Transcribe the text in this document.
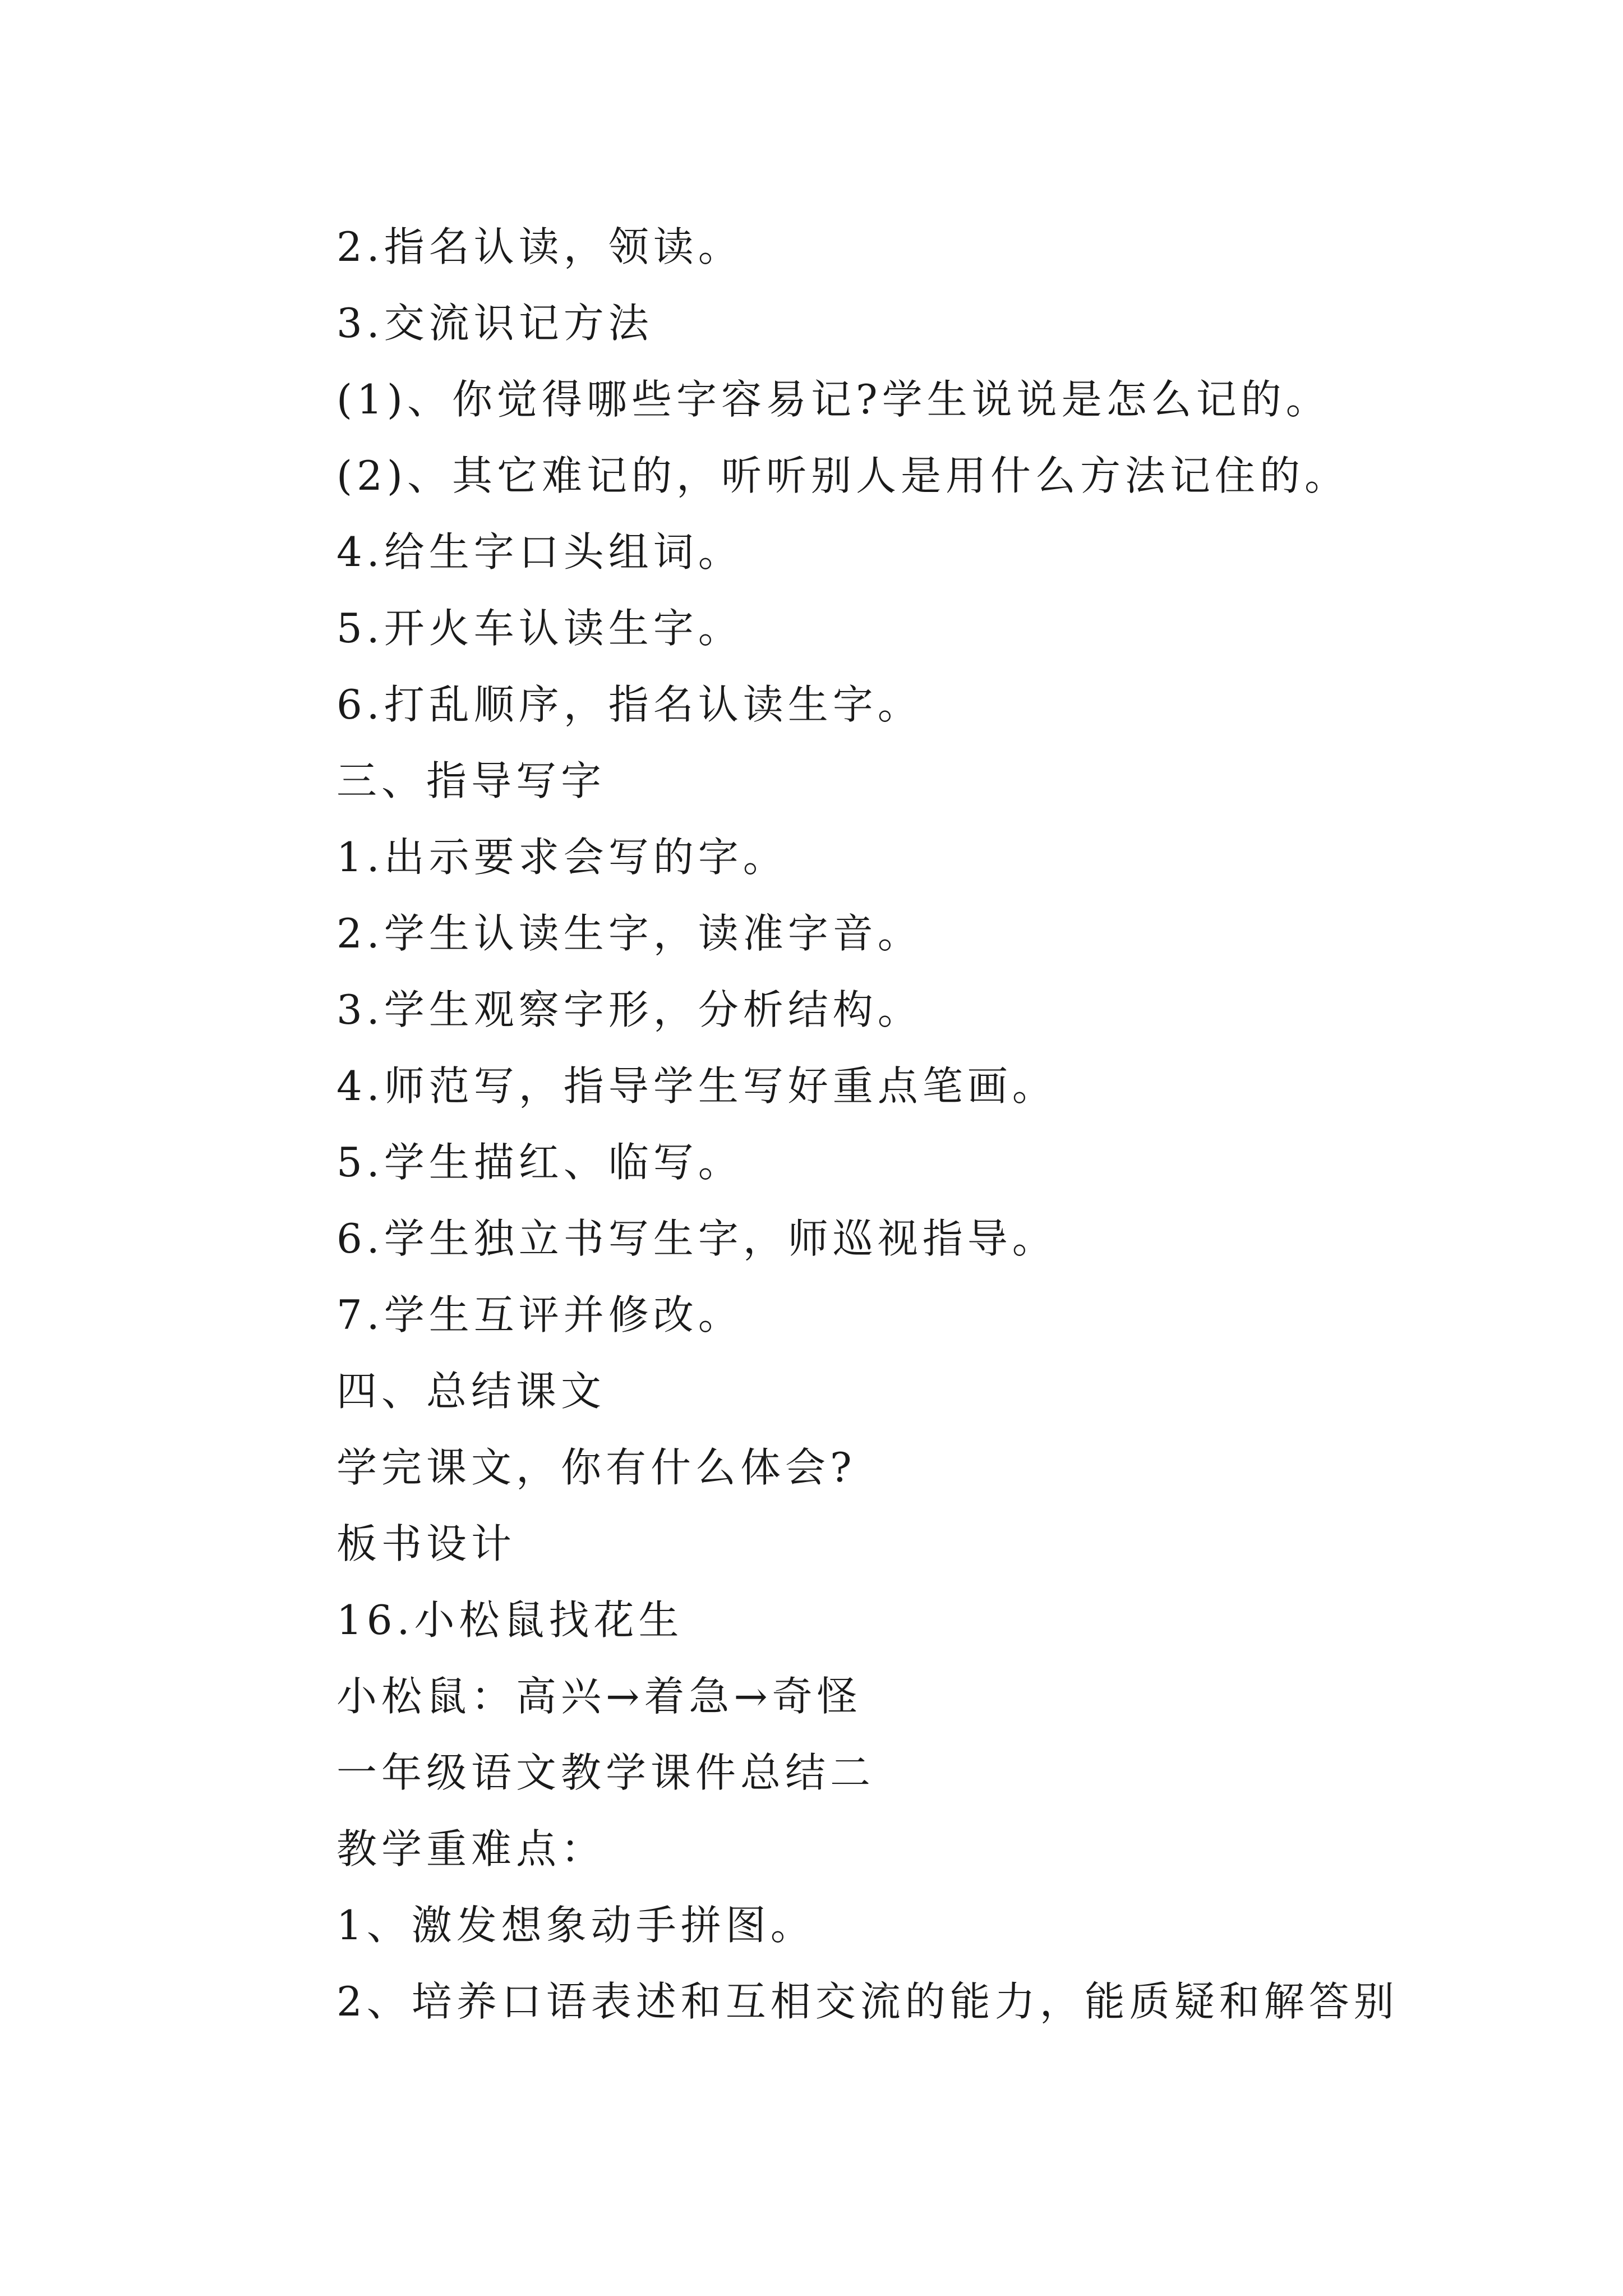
2.指名认读，领读。
3.交流识记方法
(1)、你觉得哪些字容易记?学生说说是怎么记的。
(2)、其它难记的，听听别人是用什么方法记住的。
4.给生字口头组词。
5.开火车认读生字。
6.打乱顺序，指名认读生字。
三、指导写字
1.出示要求会写的字。
2.学生认读生字，读准字音。
3.学生观察字形，分析结构。
4.师范写，指导学生写好重点笔画。
5.学生描红、临写。
6.学生独立书写生字，师巡视指导。
7.学生互评并修改。
四、总结课文
学完课文，你有什么体会?
板书设计
16.小松鼠找花生
小松鼠：高兴→着急→奇怪
一年级语文教学课件总结二
教学重难点：
1、激发想象动手拼图。
2、培养口语表述和互相交流的能力，能质疑和解答别
